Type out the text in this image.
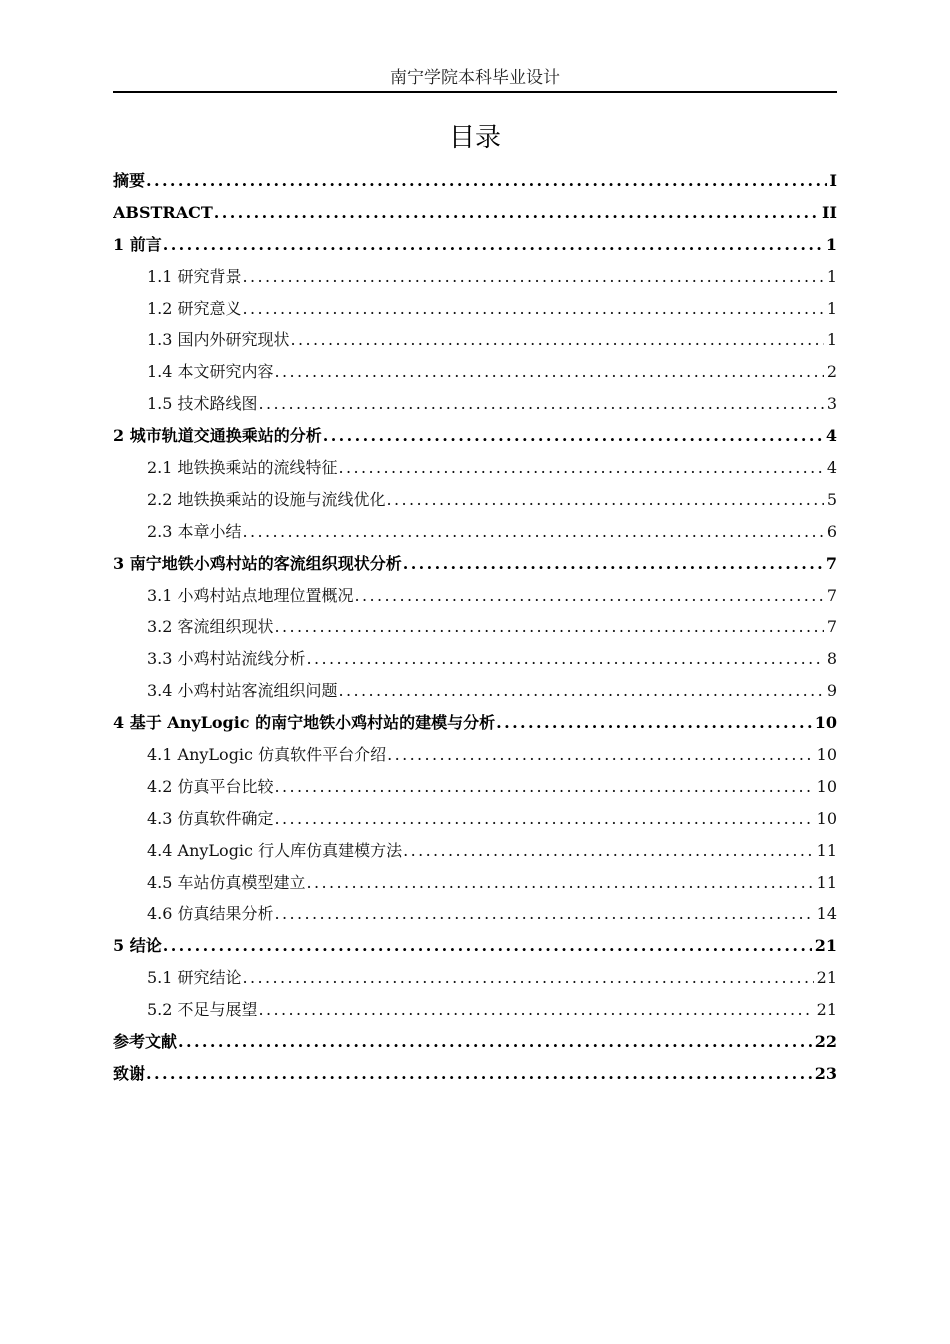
南宁学院本科毕业设计
目录
摘要 .....	I
ABSTRACT .....	II
1 前言 .....	1
1.1 研究背景 .....	1
1.2 研究意义 .....	1
1.3 国内外研究现状 .....	1
1.4 本文研究内容 .....	2
1.5 技术路线图 .....	3
2 城市轨道交通换乘站的分析 .....	4
2.1 地铁换乘站的流线特征 .....	4
2.2 地铁换乘站的设施与流线优化 .....	5
2.3 本章小结 .....	6
3 南宁地铁小鸡村站的客流组织现状分析 .....	7
3.1 小鸡村站点地理位置概况 .....	7
3.2 客流组织现状 .....	7
3.3 小鸡村站流线分析 .....	8
3.4 小鸡村站客流组织问题 .....	9
4 基于 AnyLogic 的南宁地铁小鸡村站的建模与分析 .....	10
4.1 AnyLogic 仿真软件平台介绍 .....	10
4.2 仿真平台比较 .....	10
4.3 仿真软件确定 .....	10
4.4 AnyLogic 行人库仿真建模方法 .....	11
4.5 车站仿真模型建立 .....	11
4.6 仿真结果分析 .....	14
5 结论 .....	21
5.1 研究结论 .....	21
5.2 不足与展望 .....	21
参考文献 .....	22
致谢 .....	23
